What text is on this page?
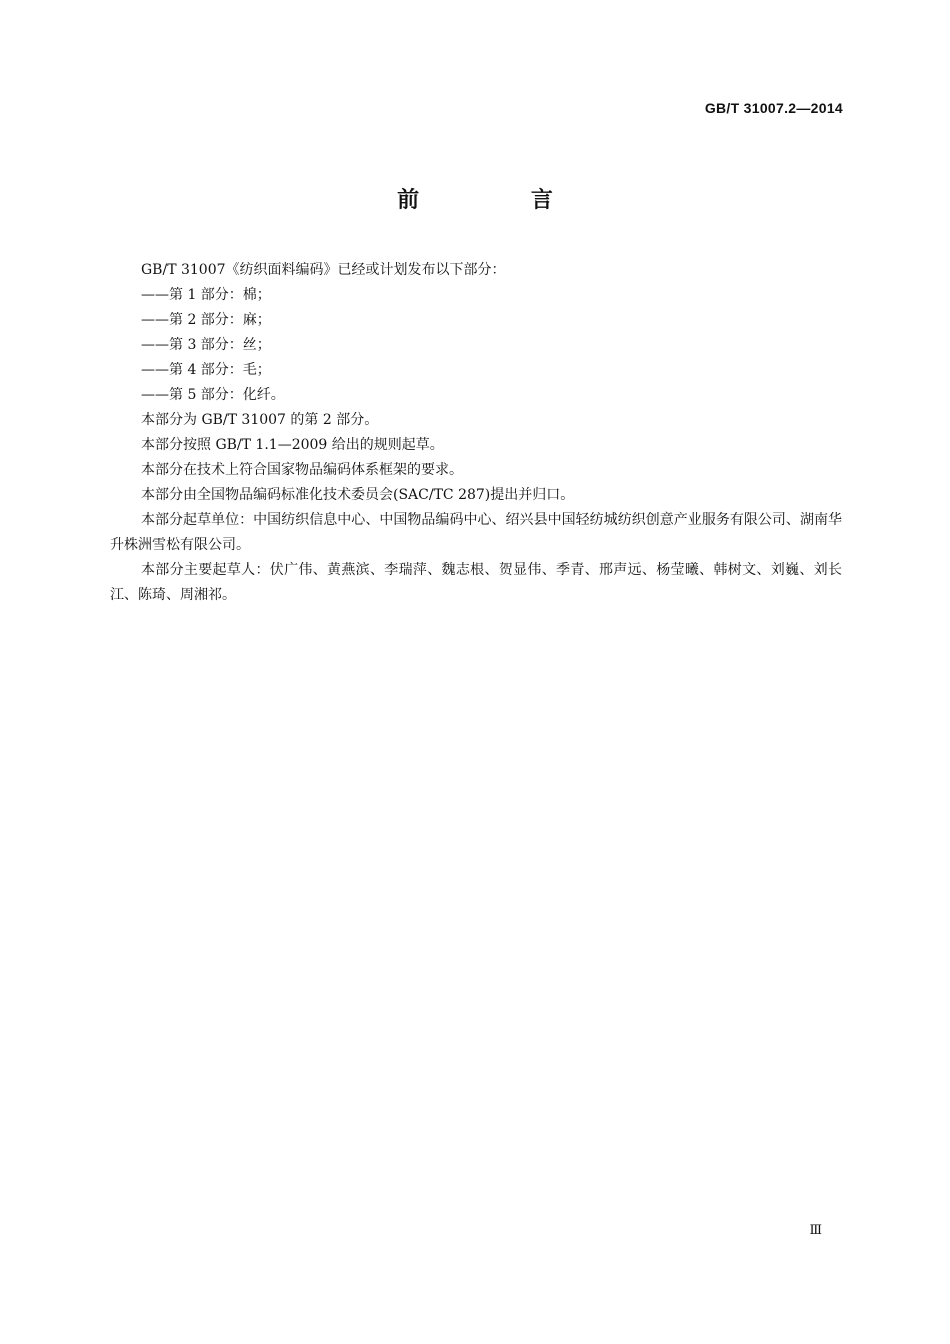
GB/T 31007.2—2014
前 言

GB/T 31007《纺织面料编码》已经或计划发布以下部分：

——第 1 部分：棉；

——第 2 部分：麻；

——第 3 部分：丝；

——第 4 部分：毛；

——第 5 部分：化纤。

本部分为 GB/T 31007 的第 2 部分。

本部分按照 GB/T 1.1—2009 给出的规则起草。

本部分在技术上符合国家物品编码体系框架的要求。

本部分由全国物品编码标准化技术委员会(SAC/TC 287)提出并归口。

本部分起草单位：中国纺织信息中心、中国物品编码中心、绍兴县中国轻纺城纺织创意产业服务有限公司、湖南华升株洲雪松有限公司。

本部分主要起草人：伏广伟、黄燕滨、李瑞萍、魏志根、贺显伟、季青、邢声远、杨莹曦、韩树文、刘巍、刘长江、陈琦、周湘祁。

Ⅲ
